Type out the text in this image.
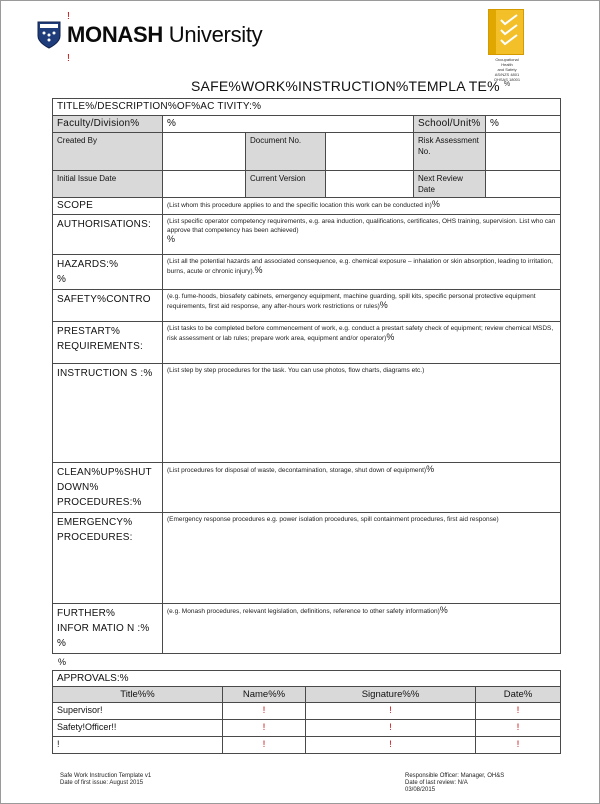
MONASH University
!
!	Occupational
Health
and Safety
AS/NZS 4801
OHSAS 18001
%
SAFE%WORK%INSTRUCTION%TEMPLA TE%
TITLE%/DESCRIPTION%OF%AC TIVITY:%					
Faculty/Division%	%			School/Unit%	%
Created By		Document No.		Risk Assessment No.	
Initial Issue Date		Current Version		Next Review Date	
SCOPE	(List whom this procedure applies to and the specific location this work can be conducted in)%
AUTHORISATIONS:	(List specific operator competency requirements, e.g. area induction, qualifications, certificates, OHS training, supervision. List who can approve that competency has been achieved)
%
HAZARDS:%
%	(List all the potential hazards and associated consequence, e.g. chemical exposure – inhalation or skin absorption, leading to irritation, burns, acute or chronic injury).%
SAFETY%CONTRO	(e.g. fume-hoods, biosafety cabinets, emergency equipment, machine guarding, spill kits, specific personal protective equipment requirements, first aid response, any after-hours work restrictions or rules)%
PRESTART%
REQUIREMENTS:	(List tasks to be completed before commencement of work, e.g. conduct a prestart safety check of equipment; review chemical MSDS, risk assessment or lab rules; prepare work area, equipment and/or operator)%
INSTRUCTION S :%	(List step by step procedures for the task. You can use photos, flow charts, diagrams etc.)
CLEAN%UP%SHUT
DOWN%
PROCEDURES:%	(List procedures for disposal of waste, decontamination, storage, shut down of equipment)%
EMERGENCY%
PROCEDURES:	(Emergency response procedures e.g. power isolation procedures, spill containment procedures, first aid response)
FURTHER%
INFOR MATIO N :%
%	(e.g. Monash procedures, relevant legislation, definitions, reference to other safety information)%
%
APPROVALS:%			
Title%%	Name%%	Signature%%	Date%
Supervisor!	!	!	!
Safety!Officer!!	!	!	!
!	!	!	!
Safe Work Instruction Template v1
Date of first issue: August 2015
Responsible Officer: Manager, OH&S
Date of last review: N/A
03/08/2015
